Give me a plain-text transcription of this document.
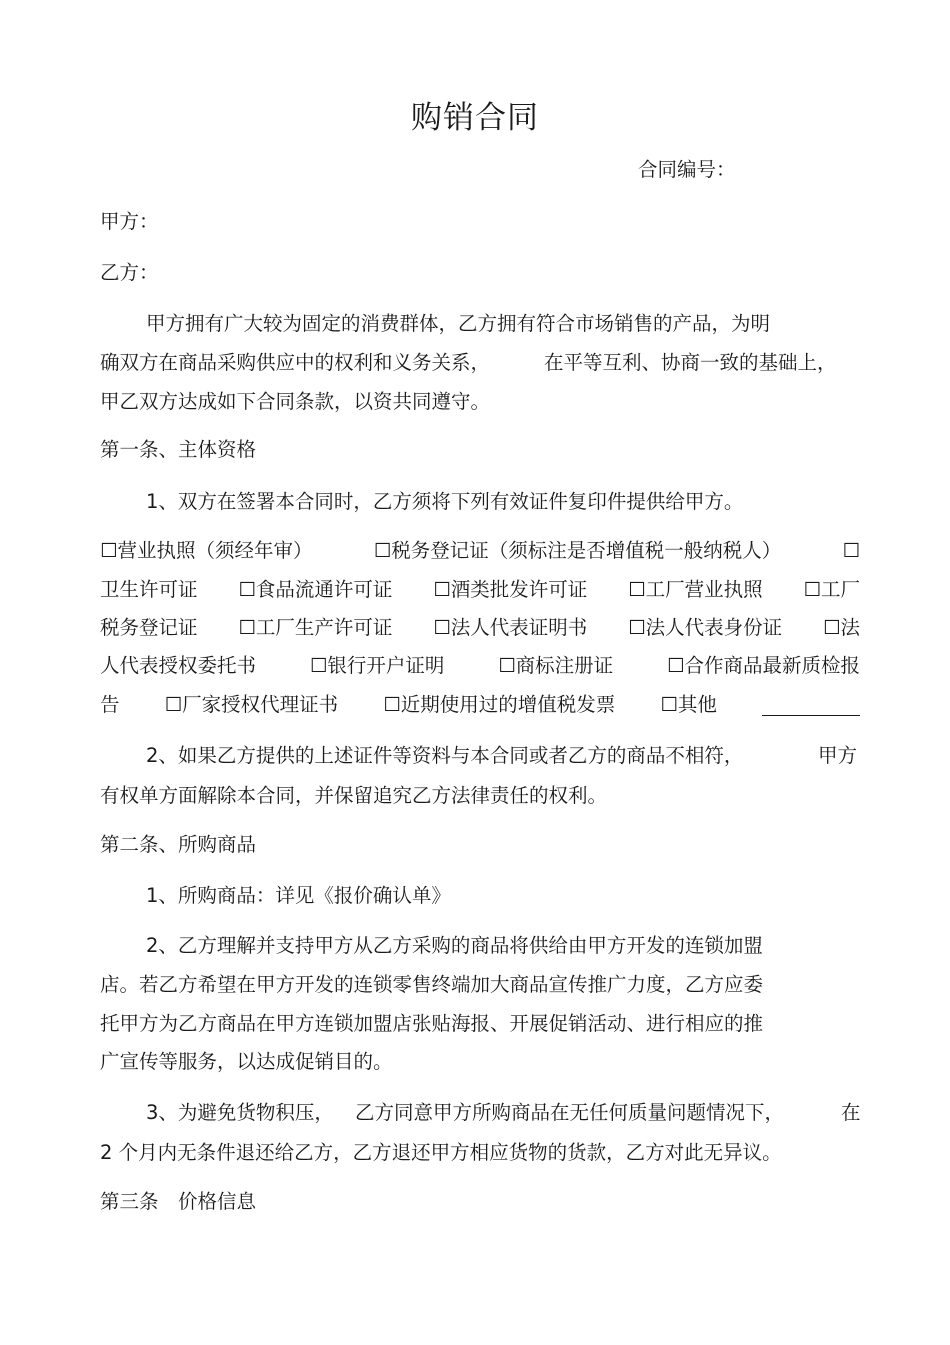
购销合同
合同编号：
甲方：
乙方：
甲方拥有广大较为固定的消费群体，乙方拥有符合市场销售的产品，为明
确双方在商品采购供应中的权利和义务关系，	在平等互利、协商一致的基础上，
甲乙双方达成如下合同条款，以资共同遵守。
第一条、主体资格
1、双方在签署本合同时，乙方须将下列有效证件复印件提供给甲方。
☐营业执照（须经年审）	☐税务登记证（须标注是否增值税一般纳税人）	☐
卫生许可证 ☐食品流通许可证 ☐酒类批发许可证 ☐工厂营业执照 ☐工厂
税务登记证 ☐工厂生产许可证 ☐法人代表证明书 ☐法人代表身份证 ☐法
人代表授权委托书	☐银行开户证明	☐商标注册证	☐合作商品最新质检报
告 ☐厂家授权代理证书 ☐近期使用过的增值税发票 ☐其他
2、如果乙方提供的上述证件等资料与本合同或者乙方的商品不相符，	甲方
有权单方面解除本合同，并保留追究乙方法律责任的权利。
第二条、所购商品
1、所购商品：详见《报价确认单》
2、乙方理解并支持甲方从乙方采购的商品将供给由甲方开发的连锁加盟
店。若乙方希望在甲方开发的连锁零售终端加大商品宣传推广力度，乙方应委
托甲方为乙方商品在甲方连锁加盟店张贴海报、开展促销活动、进行相应的推
广宣传等服务，以达成促销目的。
3、为避免货物积压， 乙方同意甲方所购商品在无任何质量问题情况下，	在
2 个月内无条件退还给乙方，乙方退还甲方相应货物的货款，乙方对此无异议。
第三条　价格信息
